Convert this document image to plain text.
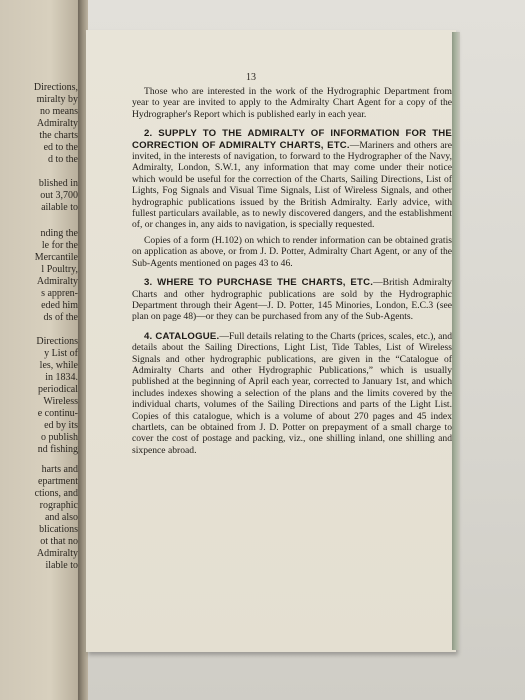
Directions,
miralty by
no means
Admiralty
the charts
ed to the
d to the
blished in
out 3,700
ailable to
nding the
le for the
Mercantile
l Poultry,
Admiralty
s appren-
eded him
ds of the
Directions
y List of
les, while
in 1834.
periodical
Wireless
e continu-
ed by its
o publish
nd fishing
harts and
epartment
ctions, and
rographic
and also
blications
ot that no
Admiralty
ilable to
13

Those who are interested in the work of the Hydrographic Department from year to year are invited to apply to the Admiralty Chart Agent for a copy of the Hydrographer's Report which is published early in each year.

2. SUPPLY TO THE ADMIRALTY OF INFORMATION FOR THE CORRECTION OF ADMIRALTY CHARTS, ETC.—Mariners and others are invited, in the interests of navigation, to forward to the Hydrographer of the Navy, Admiralty, London, S.W.1, any information that may come under their notice which would be useful for the correction of the Charts, Sailing Directions, List of Lights, Fog Signals and Visual Time Signals, List of Wireless Signals, and other hydrographic publications issued by the British Admiralty. Early advice, with fullest particulars available, as to newly discovered dangers, and the establishment of, or changes in, any aids to navigation, is specially requested.

Copies of a form (H.102) on which to render information can be obtained gratis on application as above, or from J. D. Potter, Admiralty Chart Agent, or any of the Sub-Agents mentioned on pages 43 to 46.

3. WHERE TO PURCHASE THE CHARTS, ETC.—British Admiralty Charts and other hydrographic publications are sold by the Hydrographic Department through their Agent—J. D. Potter, 145 Minories, London, E.C.3 (see plan on page 48)—or they can be purchased from any of the Sub-Agents.

4. CATALOGUE.—Full details relating to the Charts (prices, scales, etc.), and details about the Sailing Directions, Light List, Tide Tables, List of Wireless Signals and other hydrographic publications, are given in the “Catalogue of Admiralty Charts and other Hydrographic Publications,” which is usually published at the beginning of April each year, corrected to January 1st, and which includes indexes showing a selection of the plans and the limits covered by the individual charts, volumes of the Sailing Directions and parts of the Light List. Copies of this catalogue, which is a volume of about 270 pages and 45 index chartlets, can be obtained from J. D. Potter on prepayment of a small charge to cover the cost of postage and packing, viz., one shilling inland, one shilling and sixpence abroad.
